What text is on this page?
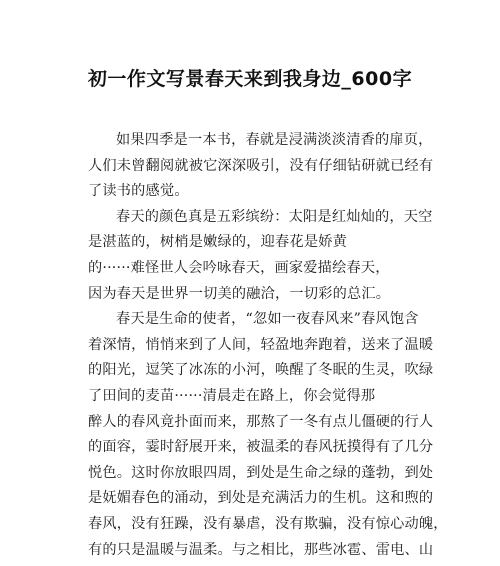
初一作文写景春天来到我身边_600字
如果四季是一本书，春就是浸满淡淡清香的扉页，
人们未曾翻阅就被它深深吸引，没有仔细钻研就已经有
了读书的感觉。
春天的颜色真是五彩缤纷：太阳是红灿灿的，天空
是湛蓝的，树梢是嫩绿的，迎春花是娇黄
的······难怪世人会吟咏春天，画家爱描绘春天，
因为春天是世界一切美的融洽，一切彩的总汇。
春天是生命的使者，“忽如一夜春风来”春风饱含
着深情，悄悄来到了人间，轻盈地奔跑着，送来了温暖
的阳光，逗笑了冰冻的小河，唤醒了冬眠的生灵，吹绿
了田间的麦苗······清晨走在路上，你会觉得那
醉人的春风竟扑面而来，那熬了一冬有点儿僵硬的行人
的面容，霎时舒展开来，被温柔的春风抚摸得有了几分
悦色。这时你放眼四周，到处是生命之绿的蓬勃，到处
是妩媚春色的涌动，到处是充满活力的生机。这和煦的
春风，没有狂躁，没有暴虐，没有欺骗，没有惊心动魄，
有的只是温暖与温柔。与之相比，那些冰雹、雷电、山
